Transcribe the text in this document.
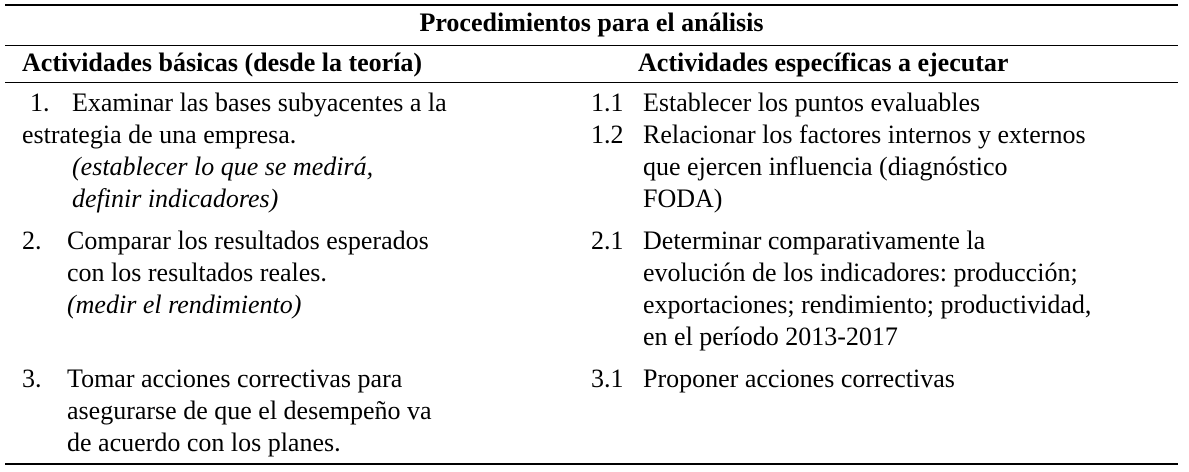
Procedimientos para el análisis
Actividades básicas (desde la teoría)	Actividades específicas a ejecutar
1. Examinar las bases subyacentes a la
estrategia de una empresa.
(establecer lo que se medirá,
definir indicadores)
2. Comparar los resultados esperados
con los resultados reales.
(medir el rendimiento)
3. Tomar acciones correctivas para
asegurarse de que el desempeño va
de acuerdo con los planes.
1.1 Establecer los puntos evaluables
1.2 Relacionar los factores internos y externos
que ejercen influencia (diagnóstico
FODA)
2.1 Determinar comparativamente la
evolución de los indicadores: producción;
exportaciones; rendimiento; productividad,
en el período 2013-2017
3.1 Proponer acciones correctivas
